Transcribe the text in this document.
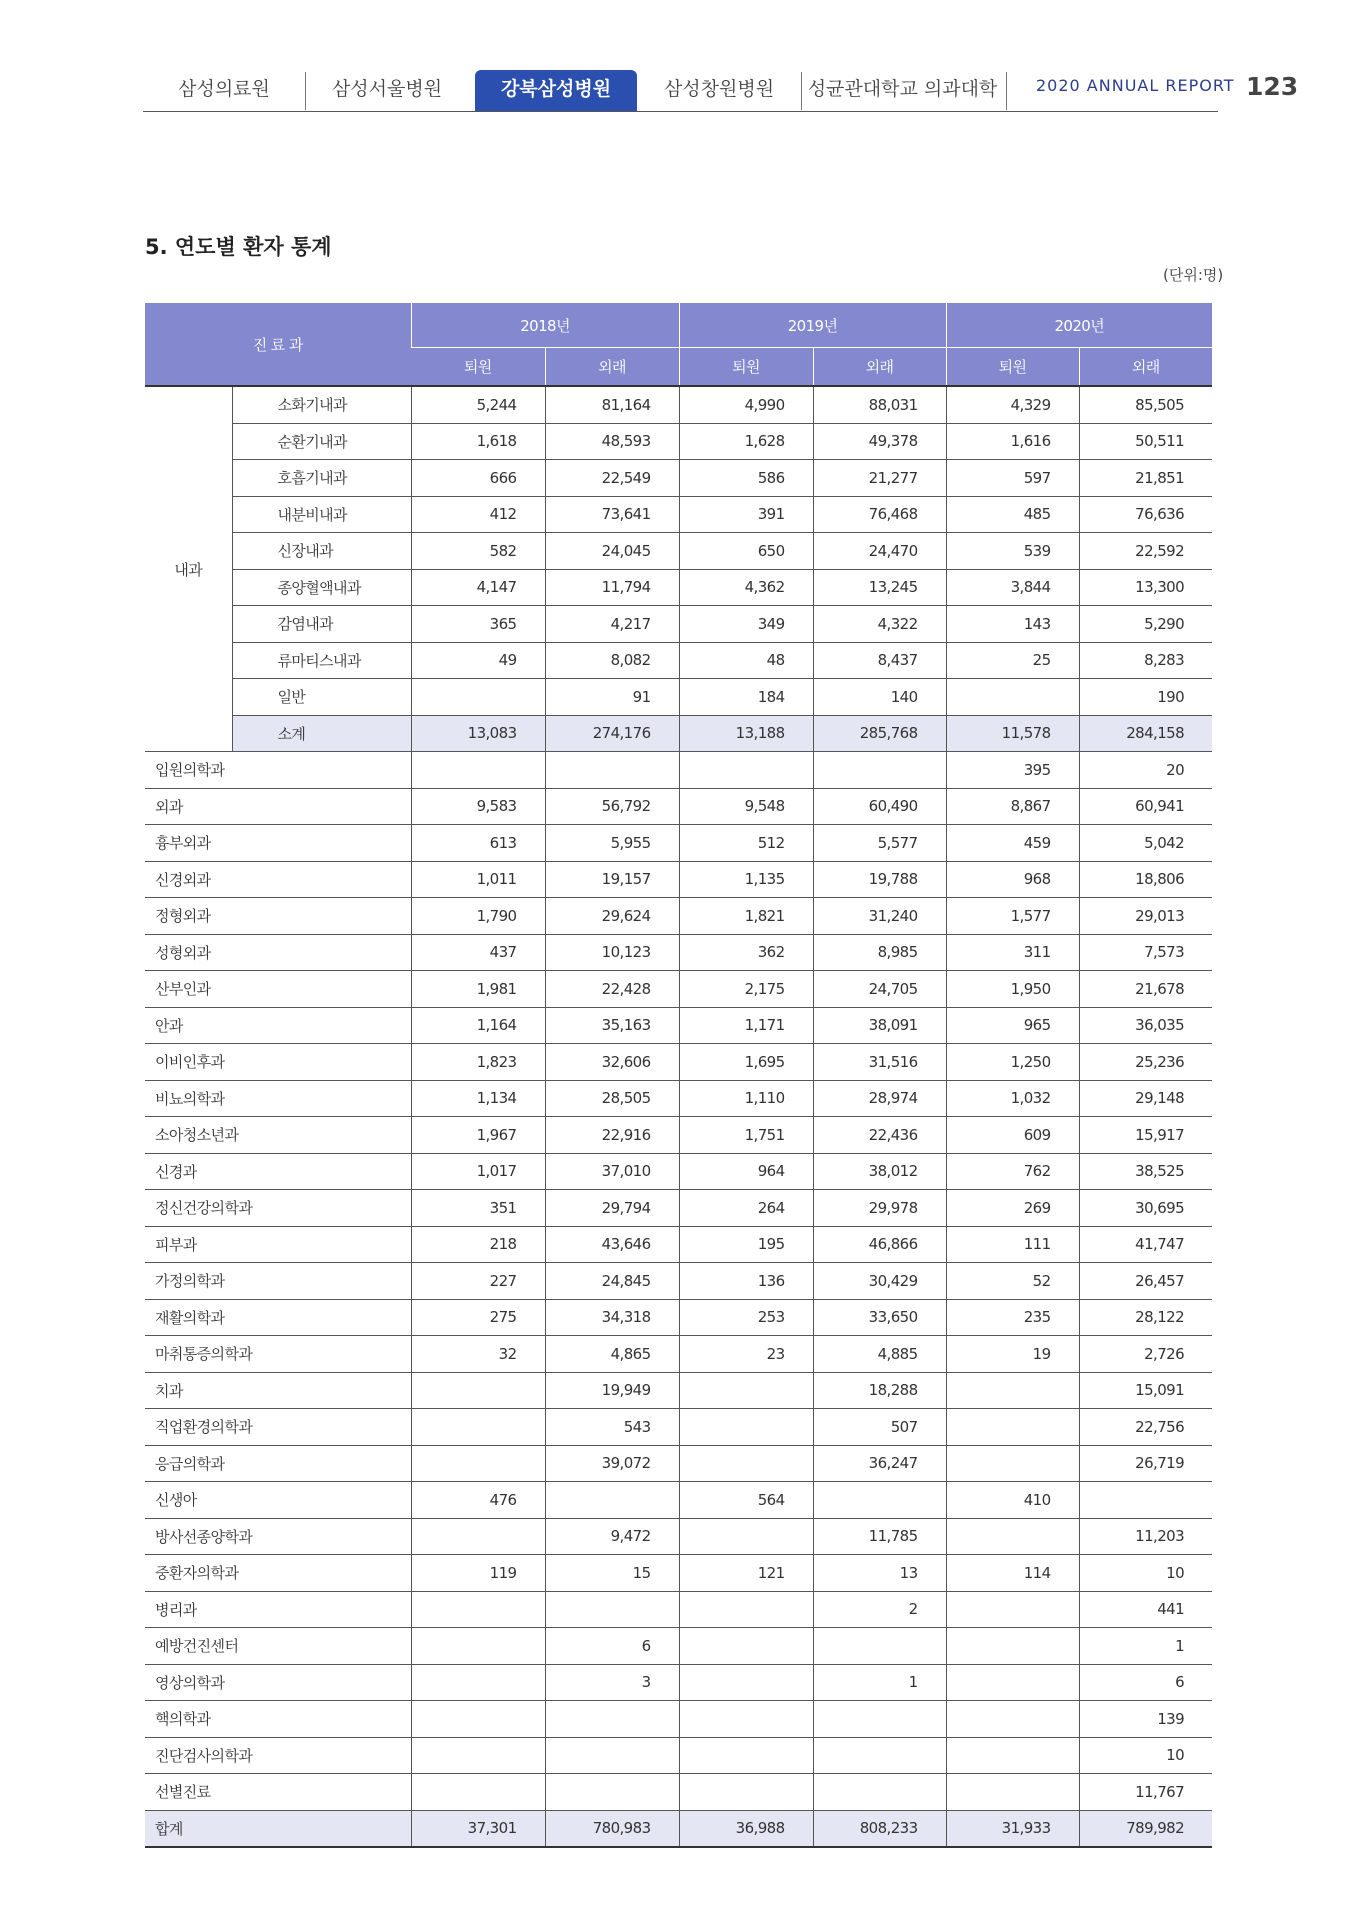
삼성의료원	삼성서울병원	강북삼성병원	삼성창원병원	성균관대학교 의과대학 2020 ANNUAL REPORT 123
5. 연도별 환자 통계
(단위:명)
진 료 과		2018년		2019년		2020년	
		퇴원	외래	퇴원	외래	퇴원	외래
내과	소화기내과	5,244	81,164	4,990	88,031	4,329	85,505
	순환기내과	1,618	48,593	1,628	49,378	1,616	50,511
	호흡기내과	666	22,549	586	21,277	597	21,851
	내분비내과	412	73,641	391	76,468	485	76,636
	신장내과	582	24,045	650	24,470	539	22,592
	종양혈액내과	4,147	11,794	4,362	13,245	3,844	13,300
	감염내과	365	4,217	349	4,322	143	5,290
	류마티스내과	49	8,082	48	8,437	25	8,283
	일반		91	184	140		190
	소계	13,083	274,176	13,188	285,768	11,578	284,158
입원의학과						395	20
외과		9,583	56,792	9,548	60,490	8,867	60,941
흉부외과		613	5,955	512	5,577	459	5,042
신경외과		1,011	19,157	1,135	19,788	968	18,806
정형외과		1,790	29,624	1,821	31,240	1,577	29,013
성형외과		437	10,123	362	8,985	311	7,573
산부인과		1,981	22,428	2,175	24,705	1,950	21,678
안과		1,164	35,163	1,171	38,091	965	36,035
이비인후과		1,823	32,606	1,695	31,516	1,250	25,236
비뇨의학과		1,134	28,505	1,110	28,974	1,032	29,148
소아청소년과		1,967	22,916	1,751	22,436	609	15,917
신경과		1,017	37,010	964	38,012	762	38,525
정신건강의학과		351	29,794	264	29,978	269	30,695
피부과		218	43,646	195	46,866	111	41,747
가정의학과		227	24,845	136	30,429	52	26,457
재활의학과		275	34,318	253	33,650	235	28,122
마취통증의학과		32	4,865	23	4,885	19	2,726
치과			19,949		18,288		15,091
직업환경의학과			543		507		22,756
응급의학과			39,072		36,247		26,719
신생아		476		564		410	
방사선종양학과			9,472		11,785		11,203
중환자의학과		119	15	121	13	114	10
병리과					2		441
예방건진센터			6				1
영상의학과			3		1		6
핵의학과							139
진단검사의학과							10
선별진료							11,767
합계		37,301	780,983	36,988	808,233	31,933	789,982
